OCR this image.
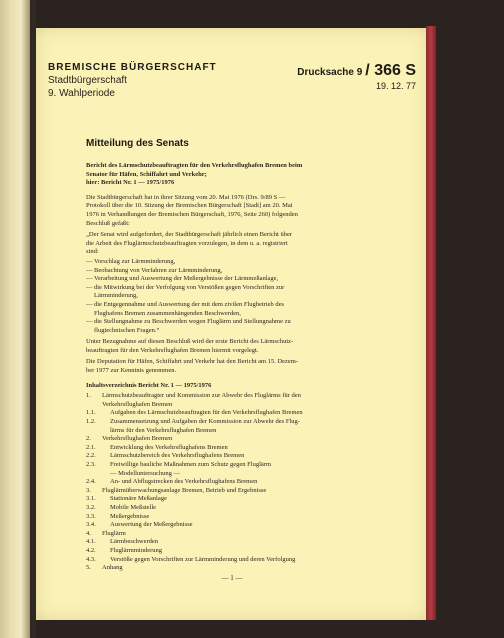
BREMISCHE BÜRGERSCHAFT
Stadtbürgerschaft
9. Wahlperiode
Drucksache 9 / 366 S
19. 12. 77
Mitteilung des Senats
Bericht des Lärmschutzbeauftragten für den Verkehrsflughafen Bremen beim
Senator für Häfen, Schiffahrt und Verkehr;
hier: Bericht Nr. 1 — 1975/1976
Die Stadtbürgerschaft hat in ihrer Sitzung vom 20. Mai 1976 (Drs. 9/89 S —
Protokoll über die 10. Sitzung der Bremischen Bürgerschaft [Stadt] am 20. Mai
1976 in Verhandlungen der Bremischen Bürgerschaft, 1976, Seite 260) folgenden
Beschluß gefaßt:
„Der Senat wird aufgefordert, der Stadtbürgerschaft jährlich einen Bericht über
die Arbeit des Fluglärmschutzbeauftragten vorzulegen, in dem u. a. registriert
sind:
— Vorschlag zur Lärmminderung,
— Beobachtung von Verfahren zur Lärmminderung,
— Verarbeitung und Auswertung der Meßergebnisse der Lärmmeßanlage,
— die Mitwirkung bei der Verfolgung von Verstößen gegen Vorschriften zur
Lärmminderung,
— die Entgegennahme und Auswertung der mit dem zivilen Flugbetrieb des
Flughafens Bremen zusammenhängenden Beschwerden,
— die Stellungnahme zu Beschwerden wegen Fluglärm und Stellungnahme zu
flugtechnischen Fragen.“
Unter Bezugnahme auf diesen Beschluß wird der erste Bericht des Lärmschutz-
beauftragten für den Verkehrsflughafen Bremen hiermit vorgelegt.
Die Deputation für Häfen, Schiffahrt und Verkehr hat den Bericht am 15. Dezem-
ber 1977 zur Kenntnis genommen.
Inhaltsverzeichnis Bericht Nr. 1 — 1975/1976
1. Lärmschutzbeauftragter und Kommission zur Abwehr des Fluglärms für den
Verkehrsflughafen Bremen
1.1. Aufgaben des Lärmschutzbeauftragten für den Verkehrsflughafen Bremen
1.2. Zusammensetzung und Aufgaben der Kommission zur Abwehr des Flug-
lärms für den Verkehrsflughafen Bremen
2. Verkehrsflughafen Bremen
2.1. Entwicklung des Verkehrsflughafens Bremen
2.2. Lärmschutzbereich des Verkehrsflughafens Bremen
2.3. Freiwillige bauliche Maßnahmen zum Schutz gegen Fluglärm
— Modelluntersuchung —
2.4. An- und Abflugstrecken des Verkehrsflughafens Bremen
3. Fluglärmüberwachungsanlage Bremen, Betrieb und Ergebnisse
3.1. Stationäre Meßanlage
3.2. Mobile Meßstelle
3.3. Meßergebnisse
3.4. Auswertung der Meßergebnisse
4. Fluglärm
4.1. Lärmbeschwerden
4.2. Fluglärmminderung
4.3. Verstöße gegen Vorschriften zur Lärmminderung und deren Verfolgung
5. Anhang
— 1 —
